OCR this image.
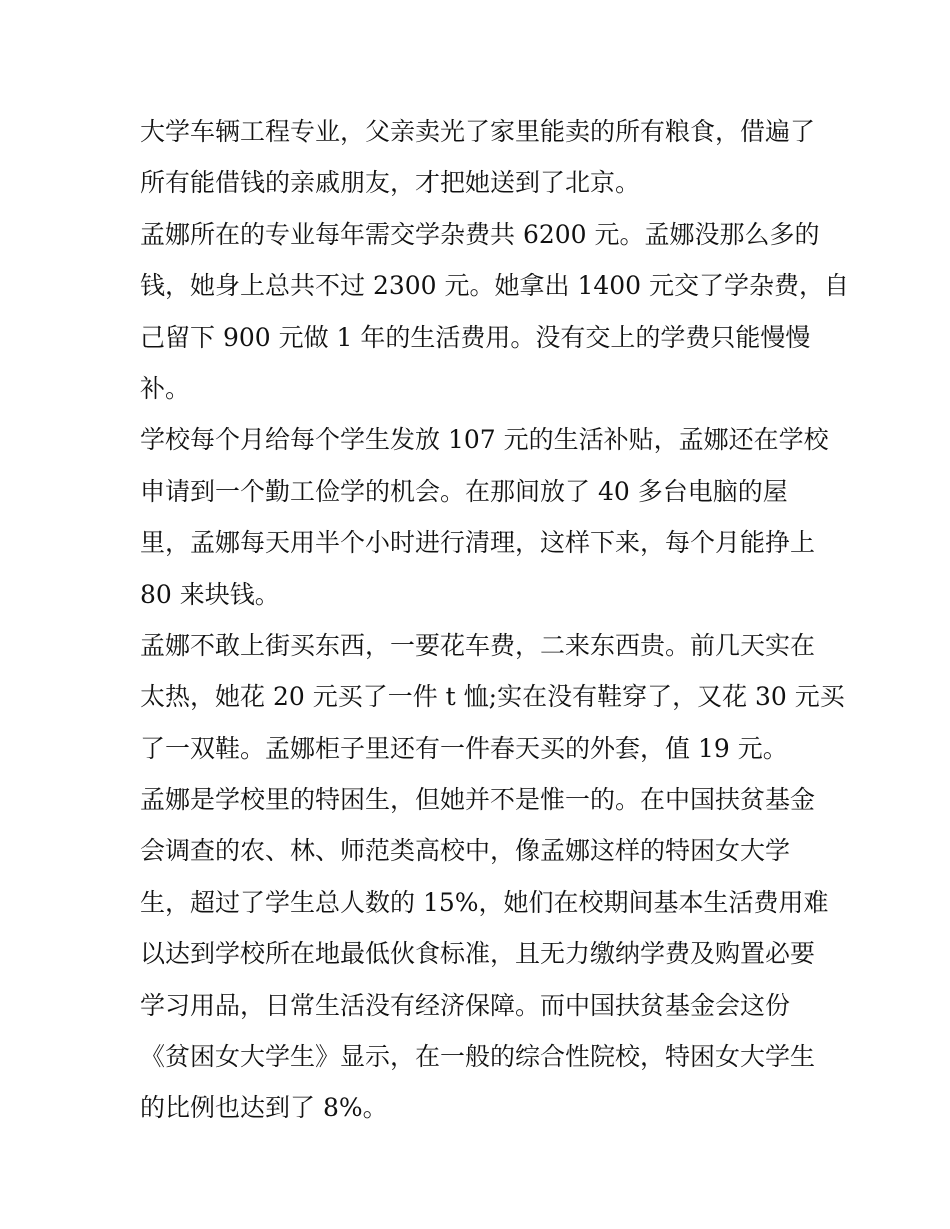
大学车辆工程专业，父亲卖光了家里能卖的所有粮食，借遍了
所有能借钱的亲戚朋友，才把她送到了北京。
孟娜所在的专业每年需交学杂费共 6200 元。孟娜没那么多的
钱，她身上总共不过 2300 元。她拿出 1400 元交了学杂费，自
己留下 900 元做 1 年的生活费用。没有交上的学费只能慢慢
补。
学校每个月给每个学生发放 107 元的生活补贴，孟娜还在学校
申请到一个勤工俭学的机会。在那间放了 40 多台电脑的屋
里，孟娜每天用半个小时进行清理，这样下来，每个月能挣上
80 来块钱。
孟娜不敢上街买东西，一要花车费，二来东西贵。前几天实在
太热，她花 20 元买了一件 t 恤;实在没有鞋穿了，又花 30 元买
了一双鞋。孟娜柜子里还有一件春天买的外套，值 19 元。
孟娜是学校里的特困生，但她并不是惟一的。在中国扶贫基金
会调查的农、林、师范类高校中，像孟娜这样的特困女大学
生，超过了学生总人数的 15%，她们在校期间基本生活费用难
以达到学校所在地最低伙食标准，且无力缴纳学费及购置必要
学习用品，日常生活没有经济保障。而中国扶贫基金会这份
《贫困女大学生》显示，在一般的综合性院校，特困女大学生
的比例也达到了 8%。
